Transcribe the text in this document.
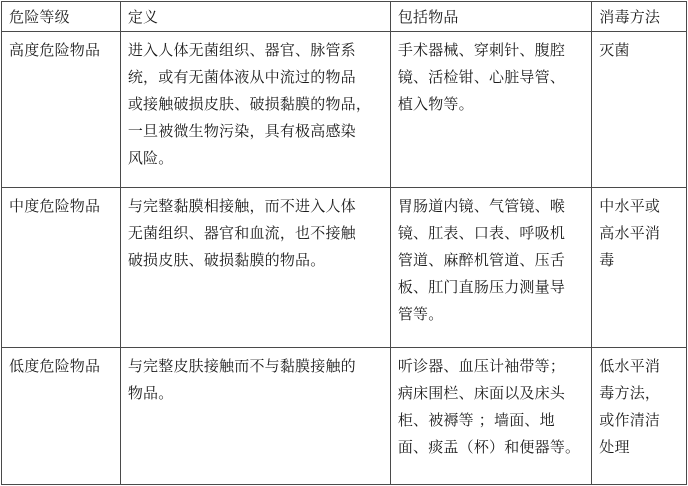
危险等级	定义	包括物品	消毒方法

高度危险物品	进入人体无菌组织、器官、脉管系
统，或有无菌体液从中流过的物品
或接触破损皮肤、破损黏膜的物品，
一旦被微生物污染，具有极高感染
风险。	手术器械、穿刺针、腹腔
镜、活检钳、心脏导管、
植入物等。	灭菌

中度危险物品	与完整黏膜相接触，而不进入人体
无菌组织、器官和血流，也不接触
破损皮肤、破损黏膜的物品。	胃肠道内镜、气管镜、喉
镜、肛表、口表、呼吸机
管道、麻醉机管道、压舌
板、肛门直肠压力测量导
管等。	中水平或
高水平消
毒

低度危险物品	与完整皮肤接触而不与黏膜接触的
物品。	听诊器、血压计袖带等；
病床围栏、床面以及床头
柜、被褥等 ；墙面、地
面、痰盂（杯）和便器等。	低水平消
毒方法，
或作清洁
处理
